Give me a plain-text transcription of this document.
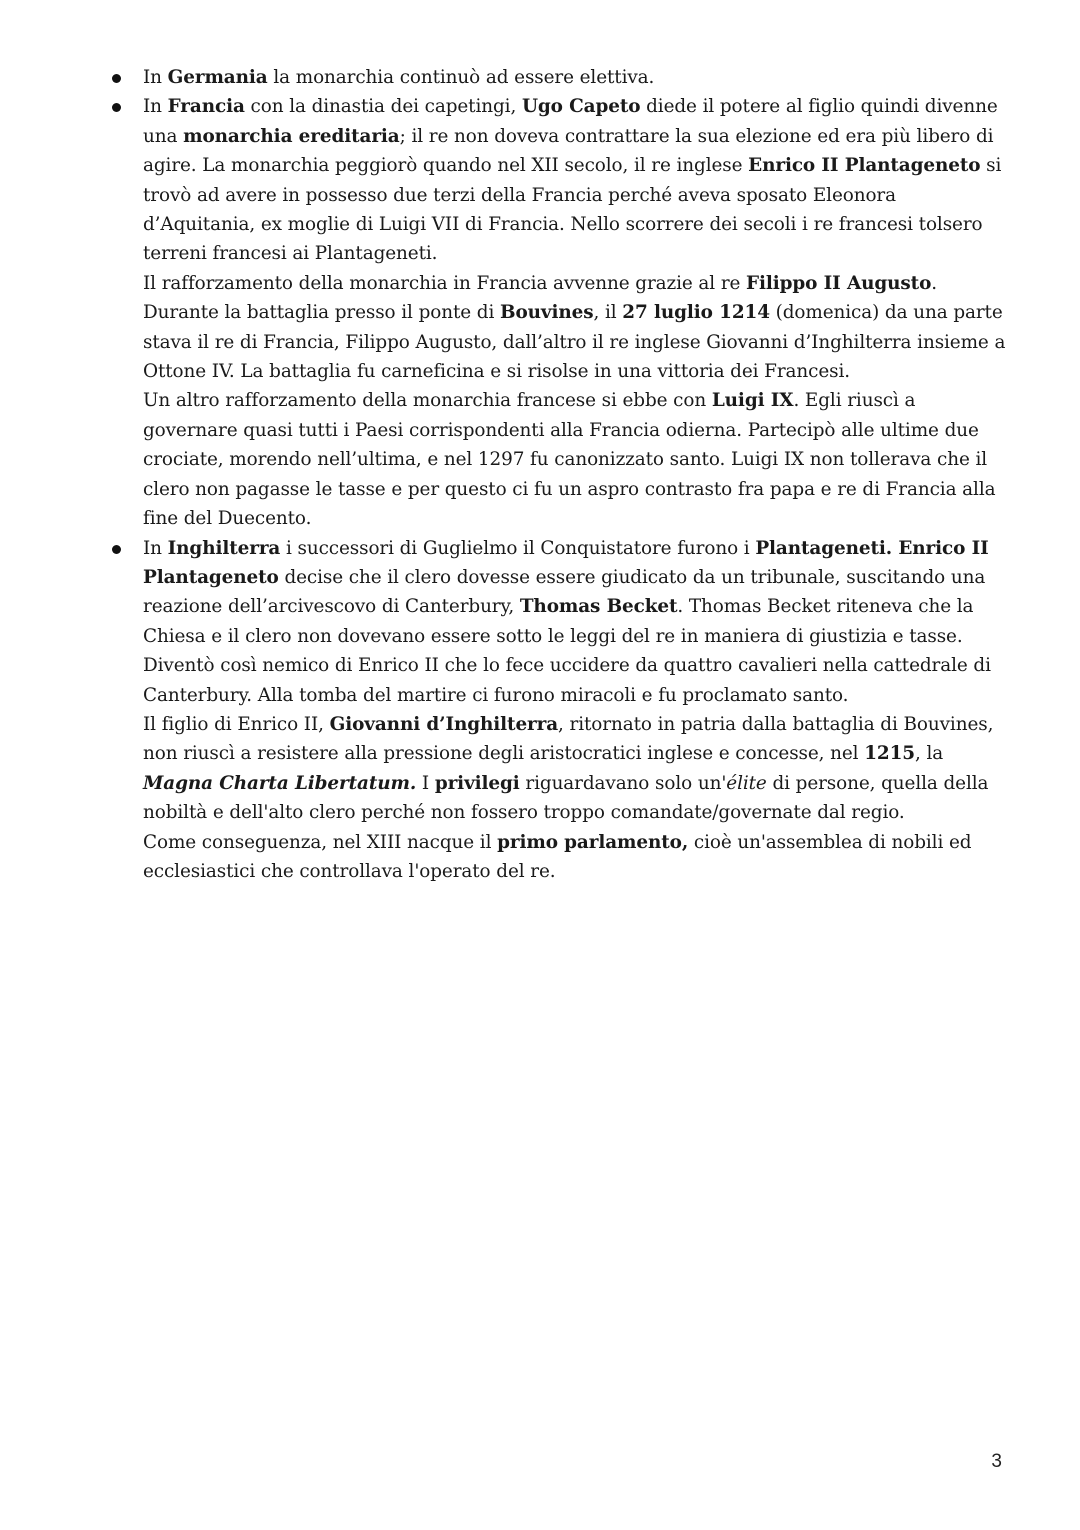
In Germania la monarchia continuò ad essere elettiva.

In Francia con la dinastia dei capetingi, Ugo Capeto diede il potere al figlio quindi divenne una monarchia ereditaria; il re non doveva contrattare la sua elezione ed era più libero di agire. La monarchia peggiorò quando nel XII secolo, il re inglese Enrico II Plantageneto si trovò ad avere in possesso due terzi della Francia perché aveva sposato Eleonora d’Aquitania, ex moglie di Luigi VII di Francia. Nello scorrere dei secoli i re francesi tolsero terreni francesi ai Plantageneti.

Il rafforzamento della monarchia in Francia avvenne grazie al re Filippo II Augusto. Durante la battaglia presso il ponte di Bouvines, il 27 luglio 1214 (domenica) da una parte stava il re di Francia, Filippo Augusto, dall’altro il re inglese Giovanni d’Inghilterra insieme a Ottone IV. La battaglia fu carneficina e si risolse in una vittoria dei Francesi.

Un altro rafforzamento della monarchia francese si ebbe con Luigi IX. Egli riuscì a governare quasi tutti i Paesi corrispondenti alla Francia odierna. Partecipò alle ultime due crociate, morendo nell’ultima, e nel 1297 fu canonizzato santo. Luigi IX non tollerava che il clero non pagasse le tasse e per questo ci fu un aspro contrasto fra papa e re di Francia alla fine del Duecento.

In Inghilterra i successori di Guglielmo il Conquistatore furono i Plantageneti. Enrico II Plantageneto decise che il clero dovesse essere giudicato da un tribunale, suscitando una reazione dell’arcivescovo di Canterbury, Thomas Becket. Thomas Becket riteneva che la Chiesa e il clero non dovevano essere sotto le leggi del re in maniera di giustizia e tasse. Diventò così nemico di Enrico II che lo fece uccidere da quattro cavalieri nella cattedrale di Canterbury. Alla tomba del martire ci furono miracoli e fu proclamato santo.

Il figlio di Enrico II, Giovanni d’Inghilterra, ritornato in patria dalla battaglia di Bouvines, non riuscì a resistere alla pressione degli aristocratici inglese e concesse, nel 1215, la Magna Charta Libertatum. I privilegi riguardavano solo un'élite di persone, quella della nobiltà e dell'alto clero perché non fossero troppo comandate/governate dal regio.

Come conseguenza, nel XIII nacque il primo parlamento, cioè un'assemblea di nobili ed ecclesiastici che controllava l'operato del re.

3
